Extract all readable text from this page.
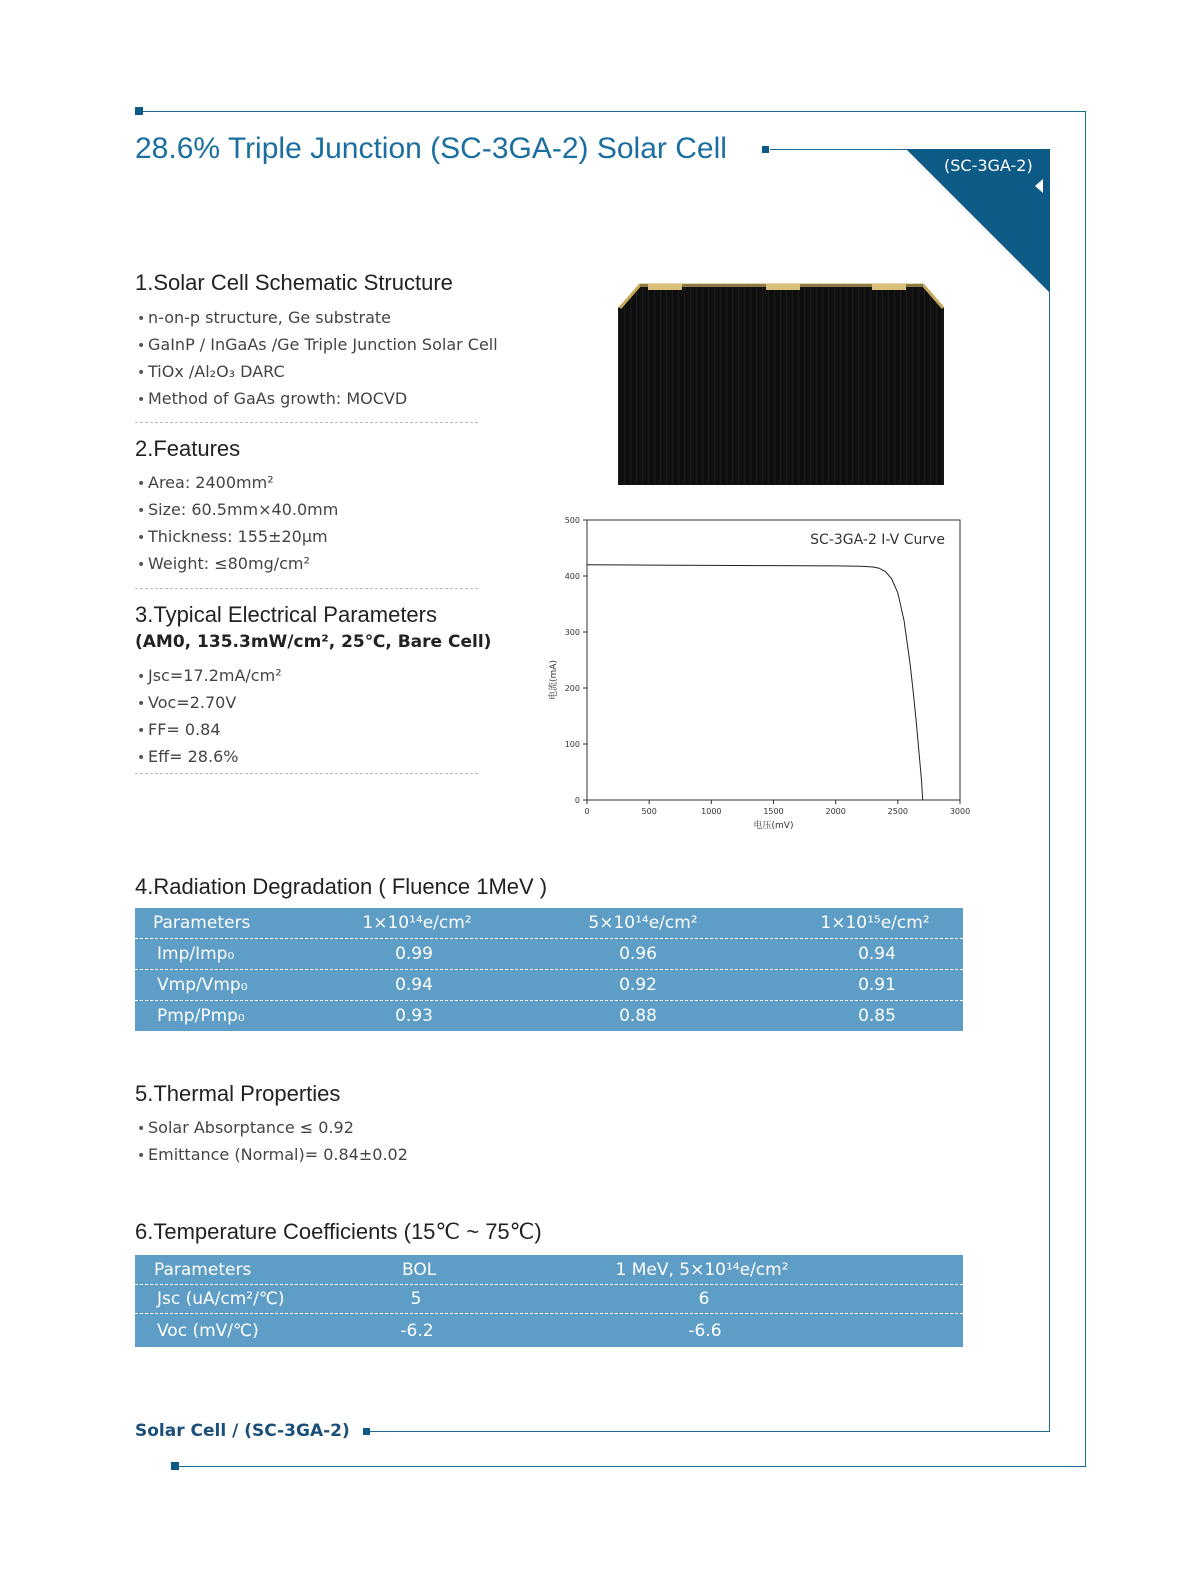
28.6% Triple Junction (SC-3GA-2) Solar Cell
(SC-3GA-2)
1.Solar Cell Schematic Structure
• n-on-p structure, Ge substrate
• GaInP / InGaAs /Ge Triple Junction Solar Cell
• TiOx /Al₂O₃ DARC
• Method of GaAs growth: MOCVD
2.Features
• Area: 2400mm²
• Size: 60.5mm×40.0mm
• Thickness: 155±20μm
• Weight: ≤80mg/cm²
3.Typical Electrical Parameters
(AM0, 135.3mW/cm², 25℃, Bare Cell)
• Jsc=17.2mA/cm²
• Voc=2.70V
• FF= 0.84
• Eff= 28.6%
0	500	1000	1500	2000	2500	3000
0
100
200
300
400
500
SC-3GA-2 I-V Curve
电压(mV)
电流(mA)
4.Radiation Degradation ( Fluence 1MeV )
Parameters	1×10¹⁴e/cm²	5×10¹⁴e/cm²	1×10¹⁵e/cm²
Imp/Imp₀	0.99	0.96	0.94
Vmp/Vmp₀	0.94	0.92	0.91
Pmp/Pmp₀	0.93	0.88	0.85
5.Thermal Properties
• Solar Absorptance ≤ 0.92
• Emittance (Normal)= 0.84±0.02
6.Temperature Coefficients (15℃ ~ 75℃)
Parameters	BOL	1 MeV, 5×10¹⁴e/cm²
Jsc (uA/cm²/℃)	5	6
Voc (mV/℃)	-6.2	-6.6
Solar Cell / (SC-3GA-2)
